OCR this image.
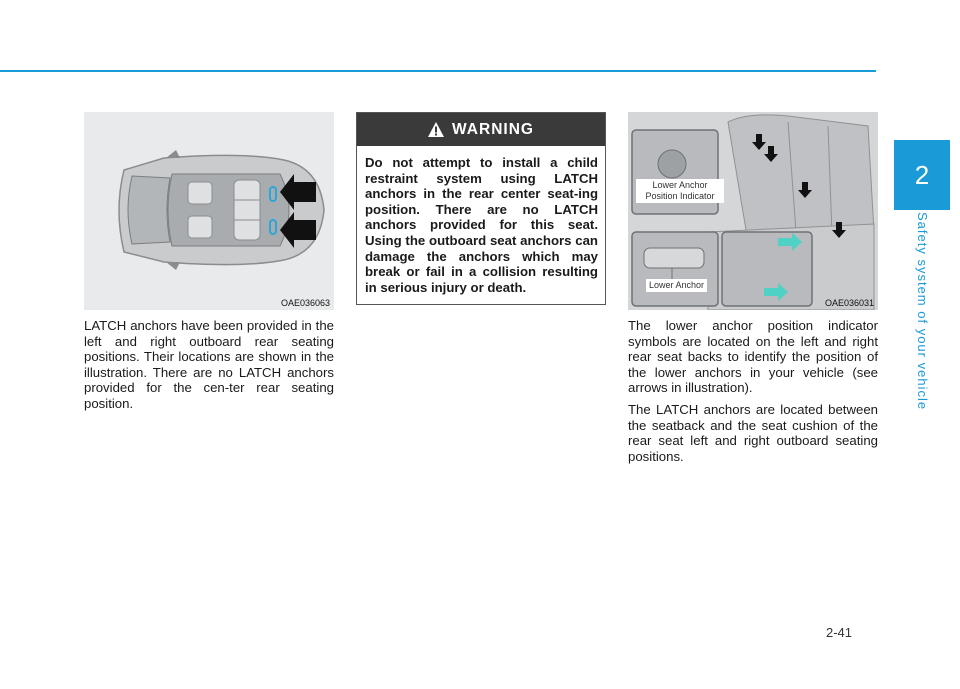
2
Safety system of your vehicle
OAE036063

LATCH anchors have been provided in the left and right outboard rear seating positions. Their locations are shown in the illustration. There are no LATCH anchors provided for the cen-ter rear seating position.

WARNING
Do not attempt to install a child restraint system using LATCH anchors in the rear center seat-ing position. There are no LATCH anchors provided for this seat. Using the outboard seat anchors can damage the anchors which may break or fail in a collision resulting in serious injury or death.
Lower Anchor Position Indicator
Lower Anchor
OAE036031

The lower anchor position indicator symbols are located on the left and right rear seat backs to identify the position of the lower anchors in your vehicle (see arrows in illustration).

The LATCH anchors are located between the seatback and the seat cushion of the rear seat left and right outboard seating positions.

2-41
